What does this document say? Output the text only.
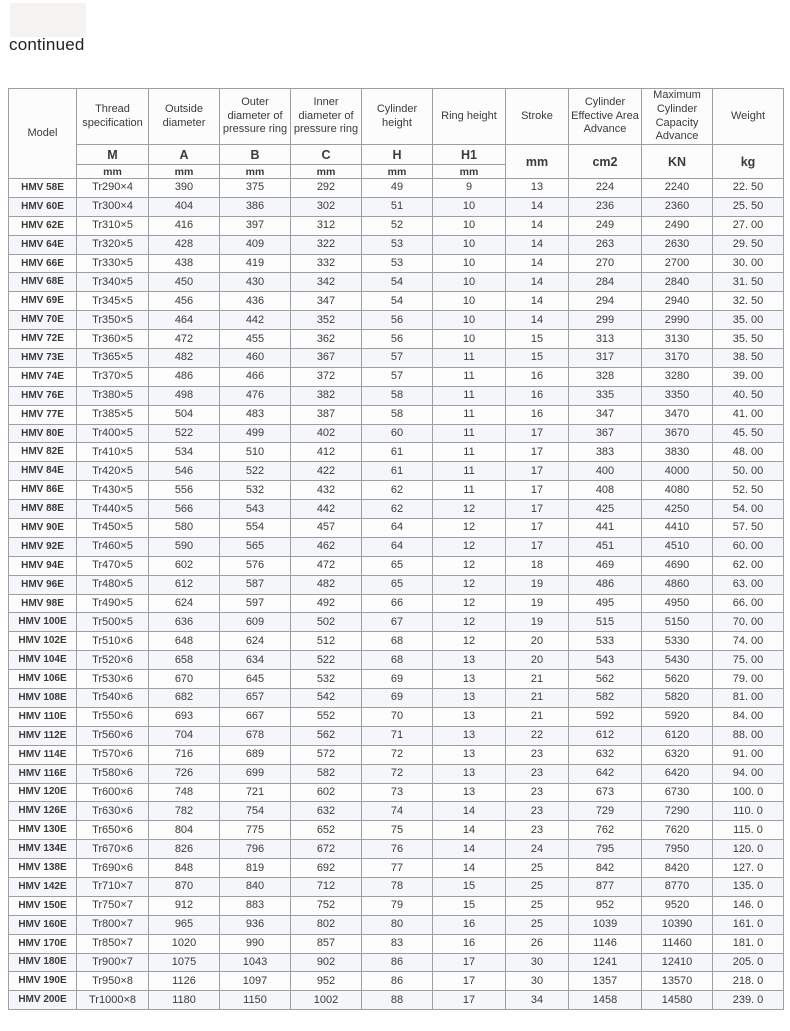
continued
Model	Thread specification	Outside diameter	Outer diameter of pressure ring	Inner diameter of pressure ring	Cylinder height	Ring height	Stroke	Cylinder Effective Area Advance	Maximum Cylinder Capacity Advance	Weight
	M	A	B	C	H	H1	mm	cm2	KN	kg
	mm	mm	mm	mm	mm	mm				
HMV 58E	Tr290×4	390	375	292	49	9	13	224	2240	22. 50
HMV 60E	Tr300×4	404	386	302	51	10	14	236	2360	25. 50
HMV 62E	Tr310×5	416	397	312	52	10	14	249	2490	27. 00
HMV 64E	Tr320×5	428	409	322	53	10	14	263	2630	29. 50
HMV 66E	Tr330×5	438	419	332	53	10	14	270	2700	30. 00
HMV 68E	Tr340×5	450	430	342	54	10	14	284	2840	31. 50
HMV 69E	Tr345×5	456	436	347	54	10	14	294	2940	32. 50
HMV 70E	Tr350×5	464	442	352	56	10	14	299	2990	35. 00
HMV 72E	Tr360×5	472	455	362	56	10	15	313	3130	35. 50
HMV 73E	Tr365×5	482	460	367	57	11	15	317	3170	38. 50
HMV 74E	Tr370×5	486	466	372	57	11	16	328	3280	39. 00
HMV 76E	Tr380×5	498	476	382	58	11	16	335	3350	40. 50
HMV 77E	Tr385×5	504	483	387	58	11	16	347	3470	41. 00
HMV 80E	Tr400×5	522	499	402	60	11	17	367	3670	45. 50
HMV 82E	Tr410×5	534	510	412	61	11	17	383	3830	48. 00
HMV 84E	Tr420×5	546	522	422	61	11	17	400	4000	50. 00
HMV 86E	Tr430×5	556	532	432	62	11	17	408	4080	52. 50
HMV 88E	Tr440×5	566	543	442	62	12	17	425	4250	54. 00
HMV 90E	Tr450×5	580	554	457	64	12	17	441	4410	57. 50
HMV 92E	Tr460×5	590	565	462	64	12	17	451	4510	60. 00
HMV 94E	Tr470×5	602	576	472	65	12	18	469	4690	62. 00
HMV 96E	Tr480×5	612	587	482	65	12	19	486	4860	63. 00
HMV 98E	Tr490×5	624	597	492	66	12	19	495	4950	66. 00
HMV 100E	Tr500×5	636	609	502	67	12	19	515	5150	70. 00
HMV 102E	Tr510×6	648	624	512	68	12	20	533	5330	74. 00
HMV 104E	Tr520×6	658	634	522	68	13	20	543	5430	75. 00
HMV 106E	Tr530×6	670	645	532	69	13	21	562	5620	79. 00
HMV 108E	Tr540×6	682	657	542	69	13	21	582	5820	81. 00
HMV 110E	Tr550×6	693	667	552	70	13	21	592	5920	84. 00
HMV 112E	Tr560×6	704	678	562	71	13	22	612	6120	88. 00
HMV 114E	Tr570×6	716	689	572	72	13	23	632	6320	91. 00
HMV 116E	Tr580×6	726	699	582	72	13	23	642	6420	94. 00
HMV 120E	Tr600×6	748	721	602	73	13	23	673	6730	100. 0
HMV 126E	Tr630×6	782	754	632	74	14	23	729	7290	110. 0
HMV 130E	Tr650×6	804	775	652	75	14	23	762	7620	115. 0
HMV 134E	Tr670×6	826	796	672	76	14	24	795	7950	120. 0
HMV 138E	Tr690×6	848	819	692	77	14	25	842	8420	127. 0
HMV 142E	Tr710×7	870	840	712	78	15	25	877	8770	135. 0
HMV 150E	Tr750×7	912	883	752	79	15	25	952	9520	146. 0
HMV 160E	Tr800×7	965	936	802	80	16	25	1039	10390	161. 0
HMV 170E	Tr850×7	1020	990	857	83	16	26	1146	11460	181. 0
HMV 180E	Tr900×7	1075	1043	902	86	17	30	1241	12410	205. 0
HMV 190E	Tr950×8	1126	1097	952	86	17	30	1357	13570	218. 0
HMV 200E	Tr1000×8	1180	1150	1002	88	17	34	1458	14580	239. 0
